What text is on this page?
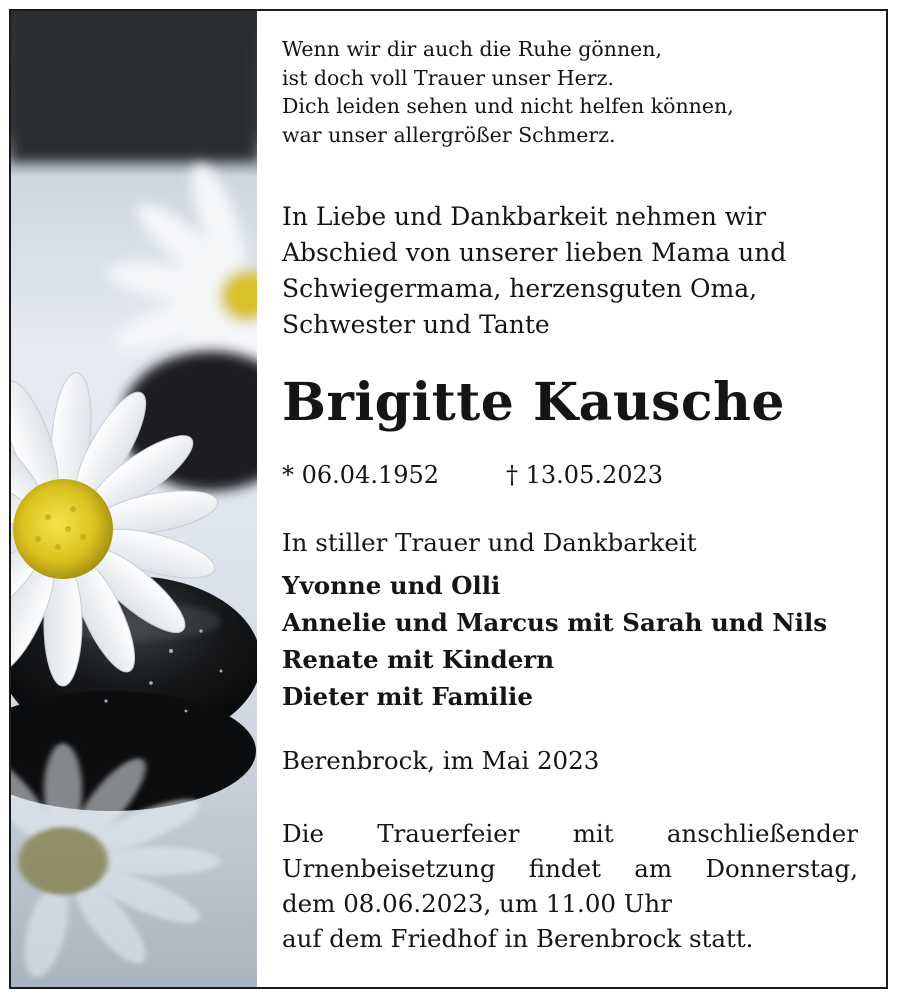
Wenn wir dir auch die Ruhe gönnen,
ist doch voll Trauer unser Herz.
Dich leiden sehen und nicht helfen können,
war unser allergrößer Schmerz.
In Liebe und Dankbarkeit nehmen wir
Abschied von unserer lieben Mama und
Schwiegermama, herzensguten Oma,
Schwester und Tante
Brigitte Kausche
* 06.04.1952	† 13.05.2023
In stiller Trauer und Dankbarkeit
Yvonne und Olli
Annelie und Marcus mit Sarah und Nils
Renate mit Kindern
Dieter mit Familie
Berenbrock, im Mai 2023
Die Trauerfeier mit anschließender
Urnenbeisetzung findet am Donnerstag,
dem 08.06.2023, um 11.00 Uhr
auf dem Friedhof in Berenbrock statt.
